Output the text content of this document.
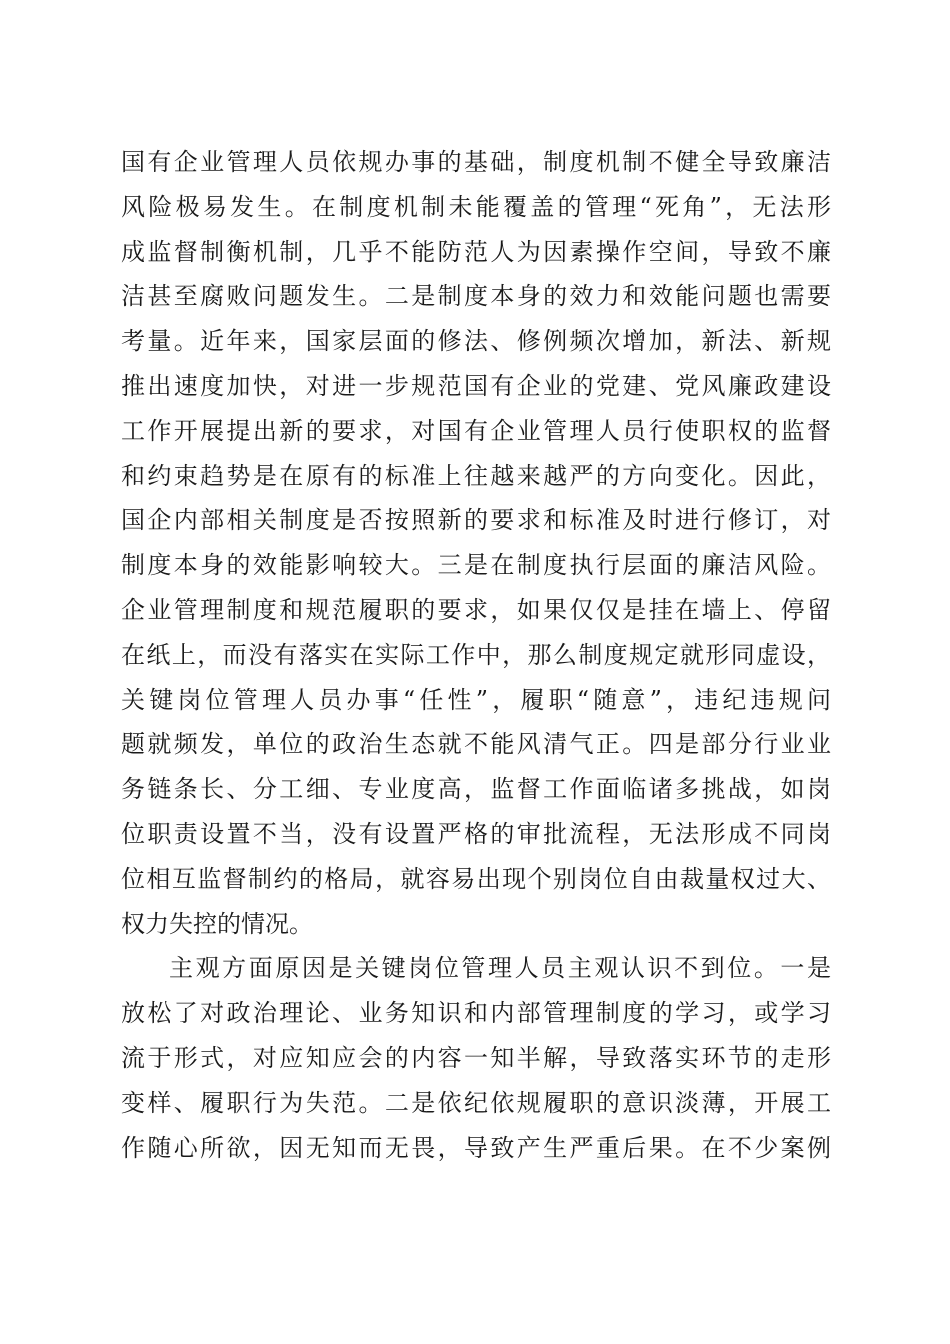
国有企业管理人员依规办事的基础，制度机制不健全导致廉洁
风险极易发生。在制度机制未能覆盖的管理“死角”，无法形
成监督制衡机制，几乎不能防范人为因素操作空间，导致不廉
洁甚至腐败问题发生。二是制度本身的效力和效能问题也需要
考量。近年来，国家层面的修法、修例频次增加，新法、新规
推出速度加快，对进一步规范国有企业的党建、党风廉政建设
工作开展提出新的要求，对国有企业管理人员行使职权的监督
和约束趋势是在原有的标准上往越来越严的方向变化。因此，
国企内部相关制度是否按照新的要求和标准及时进行修订，对
制度本身的效能影响较大。三是在制度执行层面的廉洁风险。
企业管理制度和规范履职的要求，如果仅仅是挂在墙上、停留
在纸上，而没有落实在实际工作中，那么制度规定就形同虚设，
关键岗位管理人员办事“任性”，履职“随意”，违纪违规问
题就频发，单位的政治生态就不能风清气正。四是部分行业业
务链条长、分工细、专业度高，监督工作面临诸多挑战，如岗
位职责设置不当，没有设置严格的审批流程，无法形成不同岗
位相互监督制约的格局，就容易出现个别岗位自由裁量权过大、
权力失控的情况。
主观方面原因是关键岗位管理人员主观认识不到位。一是
放松了对政治理论、业务知识和内部管理制度的学习，或学习
流于形式，对应知应会的内容一知半解，导致落实环节的走形
变样、履职行为失范。二是依纪依规履职的意识淡薄，开展工
作随心所欲，因无知而无畏，导致产生严重后果。在不少案例
